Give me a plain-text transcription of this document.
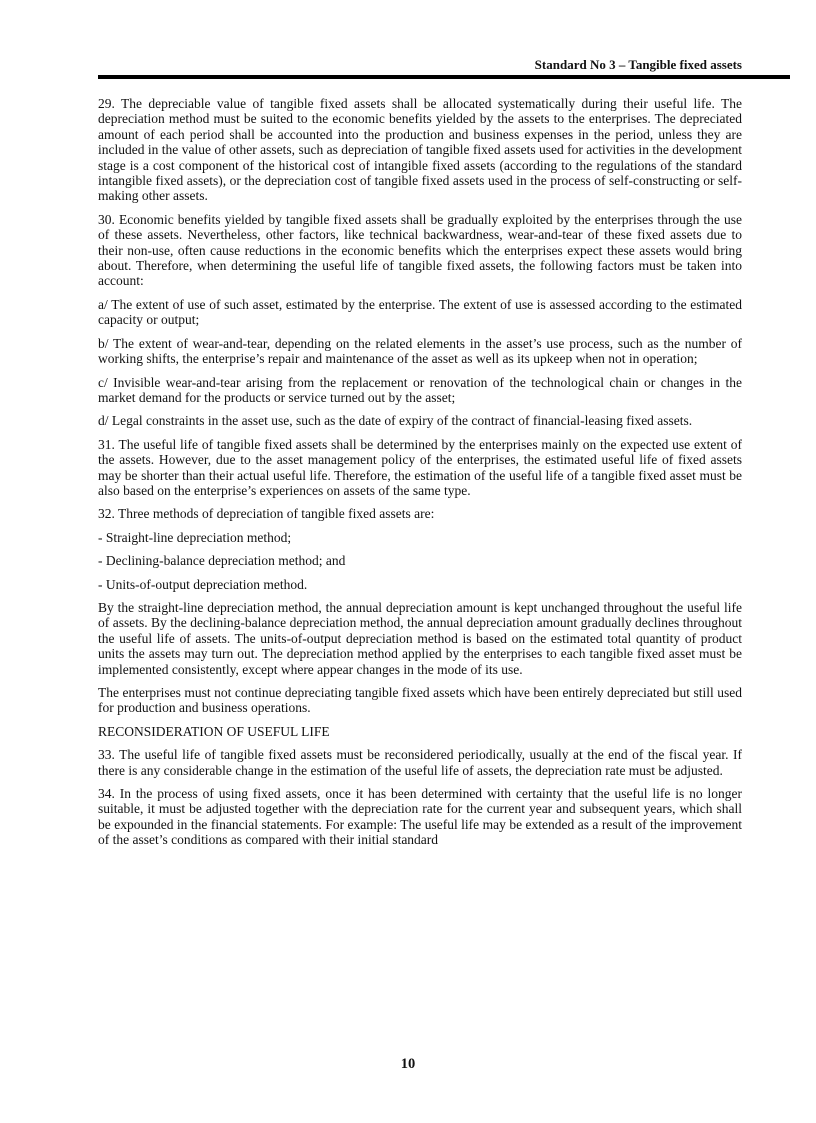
Standard No 3 – Tangible fixed assets

29. The depreciable value of tangible fixed assets shall be allocated systematically during their useful life. The depreciation method must be suited to the economic benefits yielded by the assets to the enterprises. The depreciated amount of each period shall be accounted into the production and business expenses in the period, unless they are included in the value of other assets, such as depreciation of tangible fixed assets used for activities in the development stage is a cost component of the historical cost of intangible fixed assets (according to the regulations of the standard intangible fixed assets), or the depreciation cost of tangible fixed assets used in the process of self-constructing or self-making other assets.

30. Economic benefits yielded by tangible fixed assets shall be gradually exploited by the enterprises through the use of these assets. Nevertheless, other factors, like technical backwardness, wear-and-tear of these fixed assets due to their non-use, often cause reductions in the economic benefits which the enterprises expect these assets would bring about. Therefore, when determining the useful life of tangible fixed assets, the following factors must be taken into account:

a/ The extent of use of such asset, estimated by the enterprise. The extent of use is assessed according to the estimated capacity or output;

b/ The extent of wear-and-tear, depending on the related elements in the asset’s use process, such as the number of working shifts, the enterprise’s repair and maintenance of the asset as well as its upkeep when not in operation;

c/ Invisible wear-and-tear arising from the replacement or renovation of the technological chain or changes in the market demand for the products or service turned out by the asset;

d/ Legal constraints in the asset use, such as the date of expiry of the contract of financial-leasing fixed assets.

31. The useful life of tangible fixed assets shall be determined by the enterprises mainly on the expected use extent of the assets. However, due to the asset management policy of the enterprises, the estimated useful life of fixed assets may be shorter than their actual useful life. Therefore, the estimation of the useful life of a tangible fixed asset must be also based on the enterprise’s experiences on assets of the same type.

32. Three methods of depreciation of tangible fixed assets are:

- Straight-line depreciation method;

- Declining-balance depreciation method; and

- Units-of-output depreciation method.

By the straight-line depreciation method, the annual depreciation amount is kept unchanged throughout the useful life of assets. By the declining-balance depreciation method, the annual depreciation amount gradually declines throughout the useful life of assets. The units-of-output depreciation method is based on the estimated total quantity of product units the assets may turn out. The depreciation method applied by the enterprises to each tangible fixed asset must be implemented consistently, except where appear changes in the mode of its use.

The enterprises must not continue depreciating tangible fixed assets which have been entirely depreciated but still used for production and business operations.

RECONSIDERATION OF USEFUL LIFE

33. The useful life of tangible fixed assets must be reconsidered periodically, usually at the end of the fiscal year. If there is any considerable change in the estimation of the useful life of assets, the depreciation rate must be adjusted.

34. In the process of using fixed assets, once it has been determined with certainty that the useful life is no longer suitable, it must be adjusted together with the depreciation rate for the current year and subsequent years, which shall be expounded in the financial statements. For example: The useful life may be extended as a result of the improvement of the asset’s conditions as compared with their initial standard

10
